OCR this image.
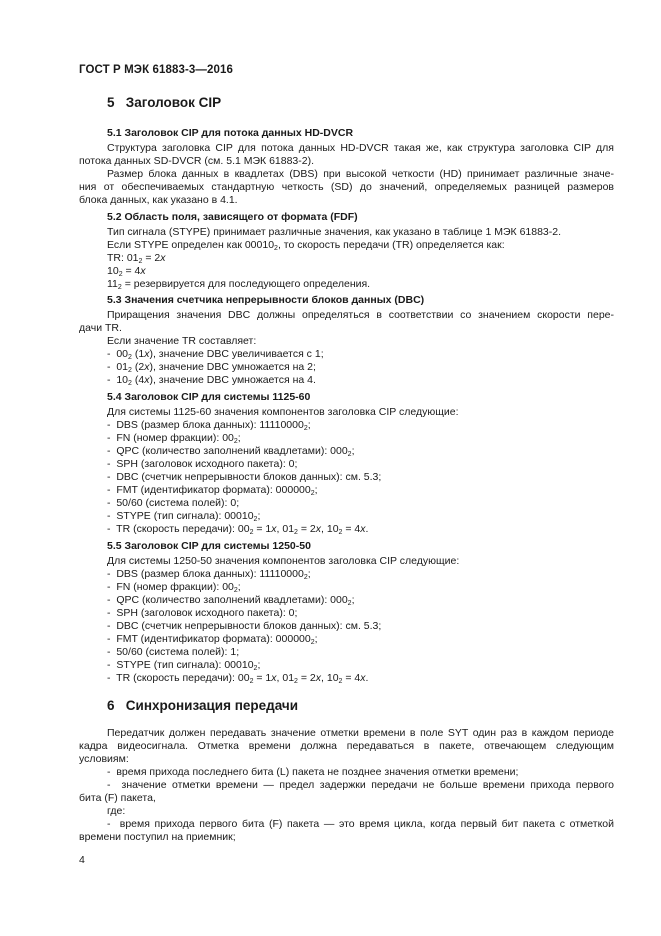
ГОСТ Р МЭК 61883-3—2016
5 Заголовок CIP
5.1 Заголовок CIP для потока данных HD-DVCR
Структура заголовка CIP для потока данных HD-DVCR такая же, как структура заголовка CIP для
потока данных SD-DVCR (см. 5.1 МЭК 61883-2).
Размер блока данных в квадлетах (DBS) при высокой четкости (HD) принимает различные значе-
ния от обеспечиваемых стандартную четкость (SD) до значений, определяемых разницей размеров
блока данных, как указано в 4.1.
5.2 Область поля, зависящего от формата (FDF)
Тип сигнала (STYPE) принимает различные значения, как указано в таблице 1 МЭК 61883-2.
Если STYPE определен как $00010_2$, то скорость передачи (TR) определяется как:
TR: $01_2 = 2x$
$10_2 = 4x$
$11_2$ = резервируется для последующего определения.
5.3 Значения счетчика непрерывности блоков данных (DBC)
Приращения значения DBC должны определяться в соответствии со значением скорости пере-
дачи TR.
Если значение TR составляет:
- $00_2$ (1x), значение DBC увеличивается с 1;
- $01_2$ (2x), значение DBC умножается на 2;
- $10_2$ (4x), значение DBC умножается на 4.
5.4 Заголовок CIP для системы 1125-60
Для системы 1125-60 значения компонентов заголовка CIP следующие:
- DBS (размер блока данных): $11110000_2$;
- FN (номер фракции): $00_2$;
- QPC (количество заполнений квадлетами): $000_2$;
- SPH (заголовок исходного пакета): 0;
- DBC (счетчик непрерывности блоков данных): см. 5.3;
- FMT (идентификатор формата): $000000_2$;
- 50/60 (система полей): 0;
- STYPE (тип сигнала): $00010_2$;
- TR (скорость передачи): $00_2 = 1x$, $01_2 = 2x$, $10_2 = 4x$.
5.5 Заголовок CIP для системы 1250-50
Для системы 1250-50 значения компонентов заголовка CIP следующие:
- DBS (размер блока данных): $11110000_2$;
- FN (номер фракции): $00_2$;
- QPC (количество заполнений квадлетами): $000_2$;
- SPH (заголовок исходного пакета): 0;
- DBC (счетчик непрерывности блоков данных): см. 5.3;
- FMT (идентификатор формата): $000000_2$;
- 50/60 (система полей): 1;
- STYPE (тип сигнала): $00010_2$;
- TR (скорость передачи): $00_2 = 1x$, $01_2 = 2x$, $10_2 = 4x$.
6 Синхронизация передачи
Передатчик должен передавать значение отметки времени в поле SYT один раз в каждом периоде
кадра видеосигнала. Отметка времени должна передаваться в пакете, отвечающем следующим
условиям:
- время прихода последнего бита (L) пакета не позднее значения отметки времени;
- значение отметки времени — предел задержки передачи не больше времени прихода первого
бита (F) пакета,
где:
- время прихода первого бита (F) пакета — это время цикла, когда первый бит пакета с отметкой
времени поступил на приемник;
4
